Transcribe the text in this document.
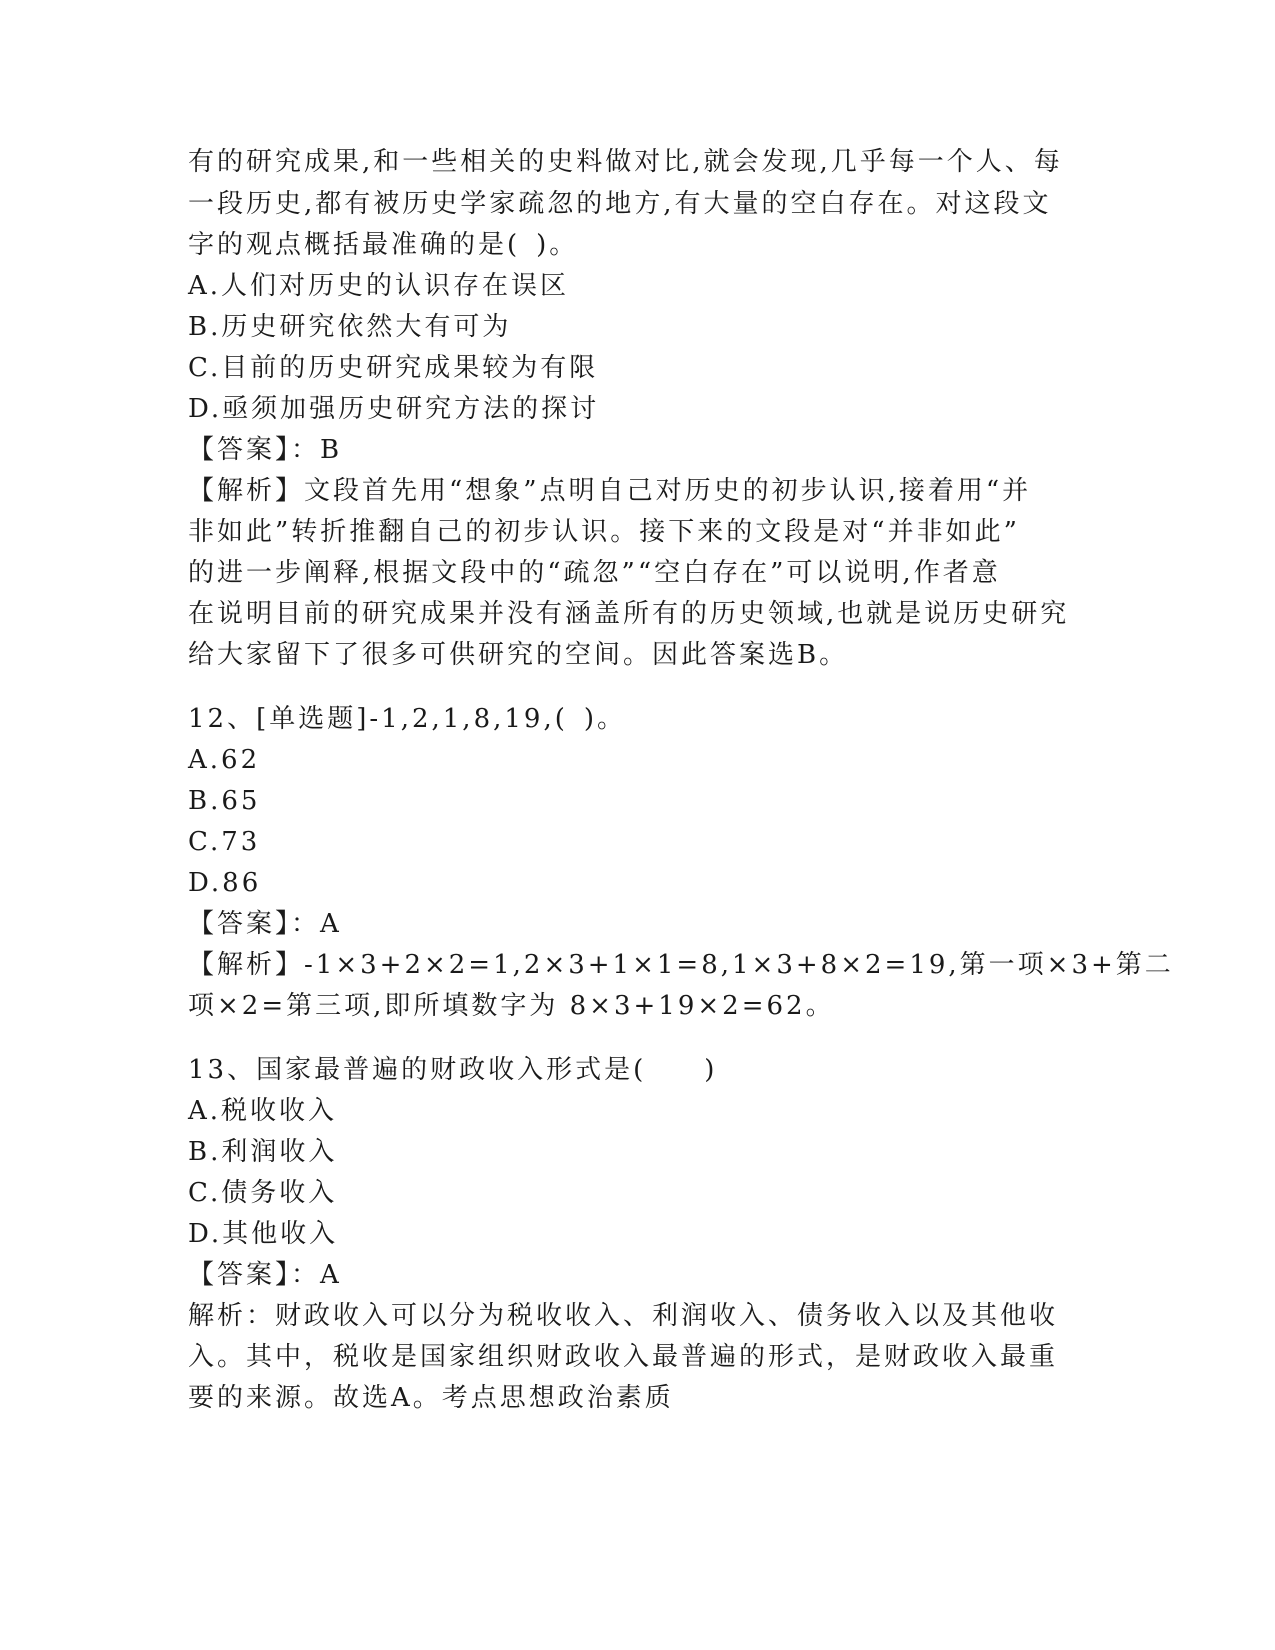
有的研究成果,和一些相关的史料做对比,就会发现,几乎每一个人、每
一段历史,都有被历史学家疏忽的地方,有大量的空白存在。对这段文
字的观点概括最准确的是( )。
A.人们对历史的认识存在误区
B.历史研究依然大有可为
C.目前的历史研究成果较为有限
D.亟须加强历史研究方法的探讨
【答案】：B
【解析】文段首先用“想象”点明自己对历史的初步认识,接着用“并
非如此”转折推翻自己的初步认识。接下来的文段是对“并非如此”
的进一步阐释,根据文段中的“疏忽”“空白存在”可以说明,作者意
在说明目前的研究成果并没有涵盖所有的历史领域,也就是说历史研究
给大家留下了很多可供研究的空间。因此答案选B。
12、[单选题]-1,2,1,8,19,( )。
A.62
B.65
C.73
D.86
【答案】：A
【解析】-1×3+2×2=1,2×3+1×1=8,1×3+8×2=19,第一项×3+第二
项×2=第三项,即所填数字为 8×3+19×2=62。
13、国家最普遍的财政收入形式是(　　)
A.税收收入
B.利润收入
C.债务收入
D.其他收入
【答案】：A
解析：财政收入可以分为税收收入、利润收入、债务收入以及其他收
入。其中，税收是国家组织财政收入最普遍的形式，是财政收入最重
要的来源。故选A。考点思想政治素质
